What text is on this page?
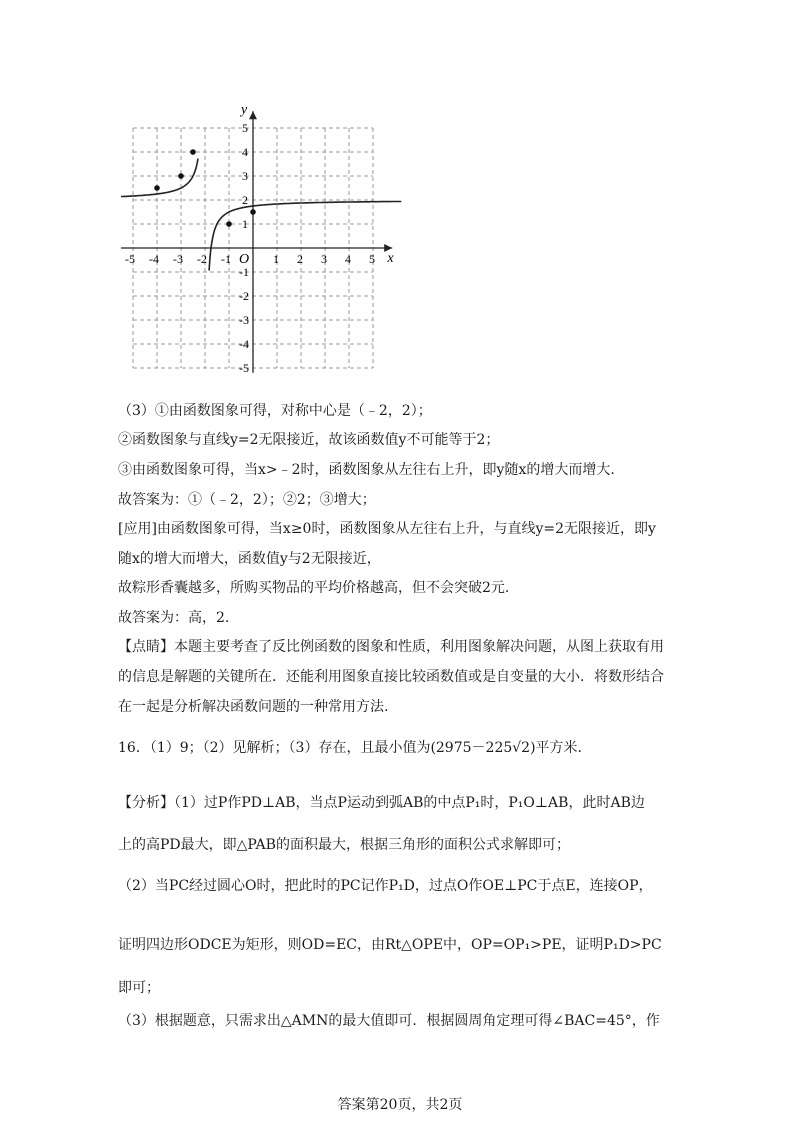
-5 -4 -3 -2 -1	1 2 3 4 5
5
4
3
2
1
-1
-2
-3
-4
-5
y
x
O
（3）①由函数图象可得，对称中心是（﹣2，2）；
②函数图象与直线y=2无限接近，故该函数值y不可能等于2；
③由函数图象可得，当x>﹣2时，函数图象从左往右上升，即y随x的增大而增大.
故答案为：①（﹣2，2）；②2；③增大；
[应用]由函数图象可得，当x≥0时，函数图象从左往右上升，与直线y=2无限接近，即y
随x的增大而增大，函数值y与2无限接近，
故粽形香囊越多，所购买物品的平均价格越高，但不会突破2元.
故答案为：高，2.
【点睛】本题主要考查了反比例函数的图象和性质，利用图象解决问题，从图上获取有用
的信息是解题的关键所在．还能利用图象直接比较函数值或是自变量的大小．将数形结合
在一起是分析解决函数问题的一种常用方法.
16．（1）9；（2）见解析；（3）存在，且最小值为(2975－225√2)平方米.
【分析】（1）过P作PD⊥AB，当点P运动到弧AB的中点P₁时，P₁O⊥AB，此时AB边
上的高PD最大，即△PAB的面积最大，根据三角形的面积公式求解即可；
（2）当PC经过圆心O时，把此时的PC记作P₁D，过点O作OE⊥PC于点E，连接OP，
证明四边形ODCE为矩形，则OD=EC，由Rt△OPE中，OP=OP₁>PE，证明P₁D>PC
即可；
（3）根据题意，只需求出△AMN的最大值即可．根据圆周角定理可得∠BAC=45°，作
答案第20页，共2页
